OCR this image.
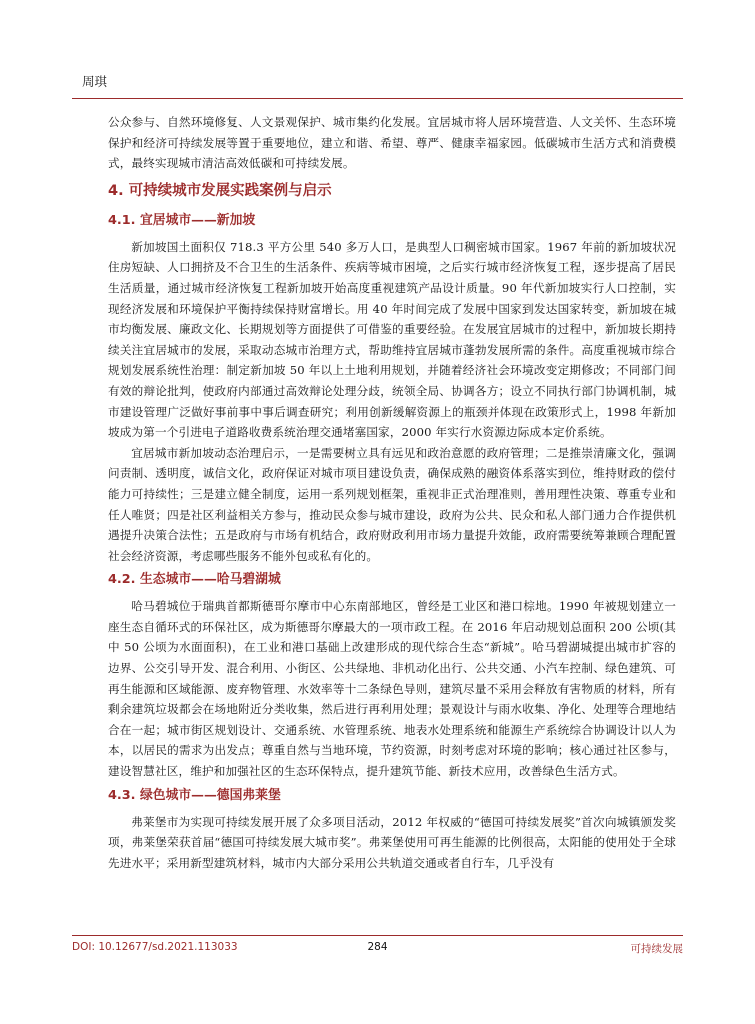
周琪

公众参与、自然环境修复、人文景观保护、城市集约化发展。宜居城市将人居环境营造、人文关怀、生态环境保护和经济可持续发展等置于重要地位，建立和谐、希望、尊严、健康幸福家园。低碳城市生活方式和消费模式，最终实现城市清洁高效低碳和可持续发展。

4. 可持续城市发展实践案例与启示
4.1. 宜居城市——新加坡

新加坡国土面积仅 718.3 平方公里 540 多万人口，是典型人口稠密城市国家。1967 年前的新加坡状况住房短缺、人口拥挤及不合卫生的生活条件、疾病等城市困境，之后实行城市经济恢复工程，逐步提高了居民生活质量，通过城市经济恢复工程新加坡开始高度重视建筑产品设计质量。90 年代新加坡实行人口控制，实现经济发展和环境保护平衡持续保持财富增长。用 40 年时间完成了发展中国家到发达国家转变，新加坡在城市均衡发展、廉政文化、长期规划等方面提供了可借鉴的重要经验。在发展宜居城市的过程中，新加坡长期持续关注宜居城市的发展，采取动态城市治理方式，帮助维持宜居城市蓬勃发展所需的条件。高度重视城市综合规划发展系统性治理：制定新加坡 50 年以上土地利用规划，并随着经济社会环境改变定期修改；不同部门间有效的辩论批判，使政府内部通过高效辩论处理分歧，统领全局、协调各方；设立不同执行部门协调机制，城市建设管理广泛做好事前事中事后调查研究；利用创新缓解资源上的瓶颈并体现在政策形式上，1998 年新加坡成为第一个引进电子道路收费系统治理交通堵塞国家，2000 年实行水资源边际成本定价系统。

宜居城市新加坡动态治理启示，一是需要树立具有远见和政治意愿的政府管理；二是推崇清廉文化，强调问责制、透明度，诚信文化，政府保证对城市项目建设负责，确保成熟的融资体系落实到位，维持财政的偿付能力可持续性；三是建立健全制度，运用一系列规划框架，重视非正式治理准则，善用理性决策、尊重专业和任人唯贤；四是社区利益相关方参与，推动民众参与城市建设，政府为公共、民众和私人部门通力合作提供机遇提升决策合法性；五是政府与市场有机结合，政府财政利用市场力量提升效能，政府需要统筹兼顾合理配置社会经济资源，考虑哪些服务不能外包或私有化的。

4.2. 生态城市——哈马碧湖城

哈马碧城位于瑞典首都斯德哥尔摩市中心东南部地区，曾经是工业区和港口棕地。1990 年被规划建立一座生态自循环式的环保社区，成为斯德哥尔摩最大的一项市政工程。在 2016 年启动规划总面积 200 公顷(其中 50 公顷为水面面积)，在工业和港口基础上改建形成的现代综合生态“新城”。哈马碧湖城提出城市扩容的边界、公交引导开发、混合利用、小街区、公共绿地、非机动化出行、公共交通、小汽车控制、绿色建筑、可再生能源和区域能源、废弃物管理、水效率等十二条绿色导则，建筑尽量不采用会释放有害物质的材料，所有剩余建筑垃圾都会在场地附近分类收集，然后进行再利用处理；景观设计与雨水收集、净化、处理等合理地结合在一起；城市街区规划设计、交通系统、水管理系统、地表水处理系统和能源生产系统综合协调设计以人为本，以居民的需求为出发点；尊重自然与当地环境，节约资源，时刻考虑对环境的影响；核心通过社区参与，建设智慧社区，维护和加强社区的生态环保特点，提升建筑节能、新技术应用，改善绿色生活方式。

4.3. 绿色城市——德国弗莱堡

弗莱堡市为实现可持续发展开展了众多项目活动，2012 年权威的“德国可持续发展奖”首次向城镇颁发奖项，弗莱堡荣获首届“德国可持续发展大城市奖”。弗莱堡使用可再生能源的比例很高，太阳能的使用处于全球先进水平；采用新型建筑材料，城市内大部分采用公共轨道交通或者自行车，几乎没有

DOI: 10.12677/sd.2021.113033	284	可持续发展
